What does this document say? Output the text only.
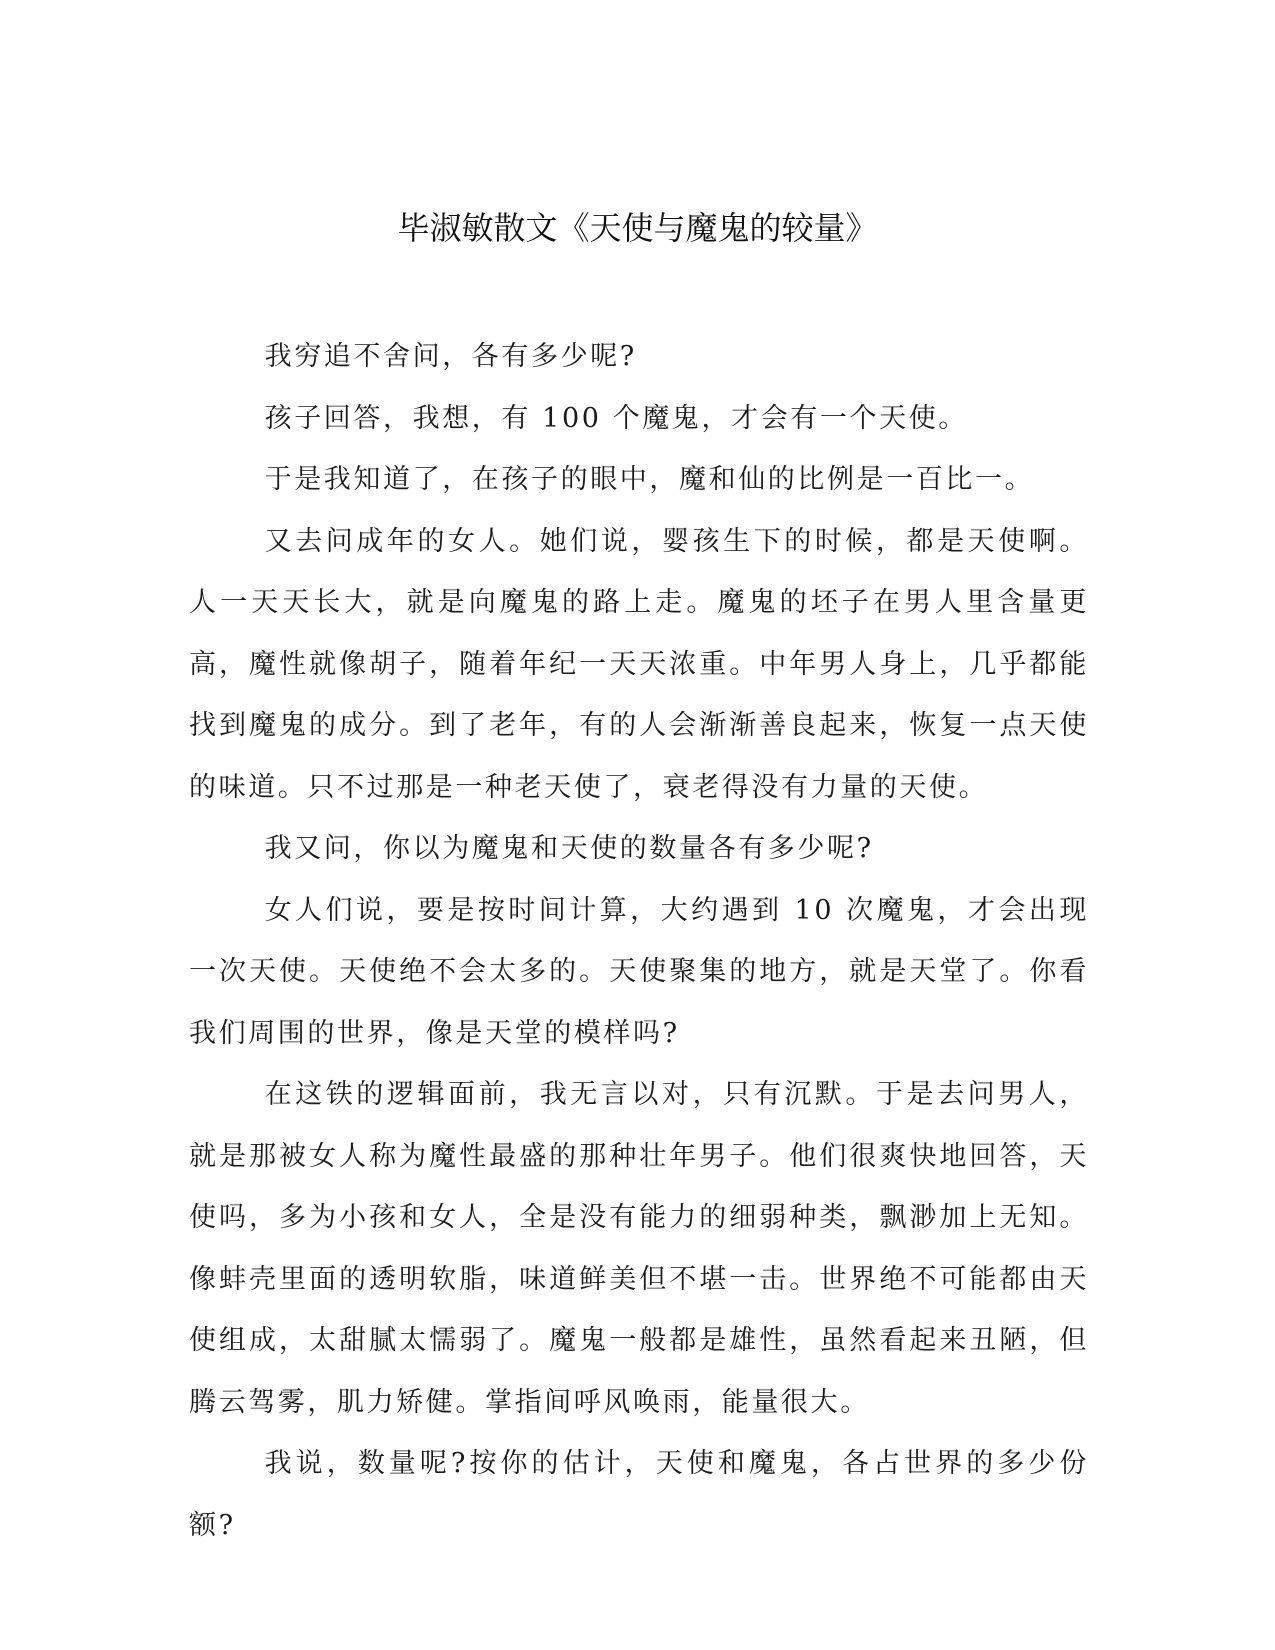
毕淑敏散文《天使与魔鬼的较量》

我穷追不舍问，各有多少呢?

孩子回答，我想，有 100 个魔鬼，才会有一个天使。

于是我知道了，在孩子的眼中，魔和仙的比例是一百比一。

又去问成年的女人。她们说，婴孩生下的时候，都是天使啊。人一天天长大，就是向魔鬼的路上走。魔鬼的坯子在男人里含量更高，魔性就像胡子，随着年纪一天天浓重。中年男人身上，几乎都能找到魔鬼的成分。到了老年，有的人会渐渐善良起来，恢复一点天使的味道。只不过那是一种老天使了，衰老得没有力量的天使。

我又问，你以为魔鬼和天使的数量各有多少呢?

女人们说，要是按时间计算，大约遇到 10 次魔鬼，才会出现一次天使。天使绝不会太多的。天使聚集的地方，就是天堂了。你看我们周围的世界，像是天堂的模样吗?

在这铁的逻辑面前，我无言以对，只有沉默。于是去问男人，就是那被女人称为魔性最盛的那种壮年男子。他们很爽快地回答，天使吗，多为小孩和女人，全是没有能力的细弱种类，飘渺加上无知。像蚌壳里面的透明软脂，味道鲜美但不堪一击。世界绝不可能都由天使组成，太甜腻太懦弱了。魔鬼一般都是雄性，虽然看起来丑陋，但腾云驾雾，肌力矫健。掌指间呼风唤雨，能量很大。

我说，数量呢?按你的估计，天使和魔鬼，各占世界的多少份额?
